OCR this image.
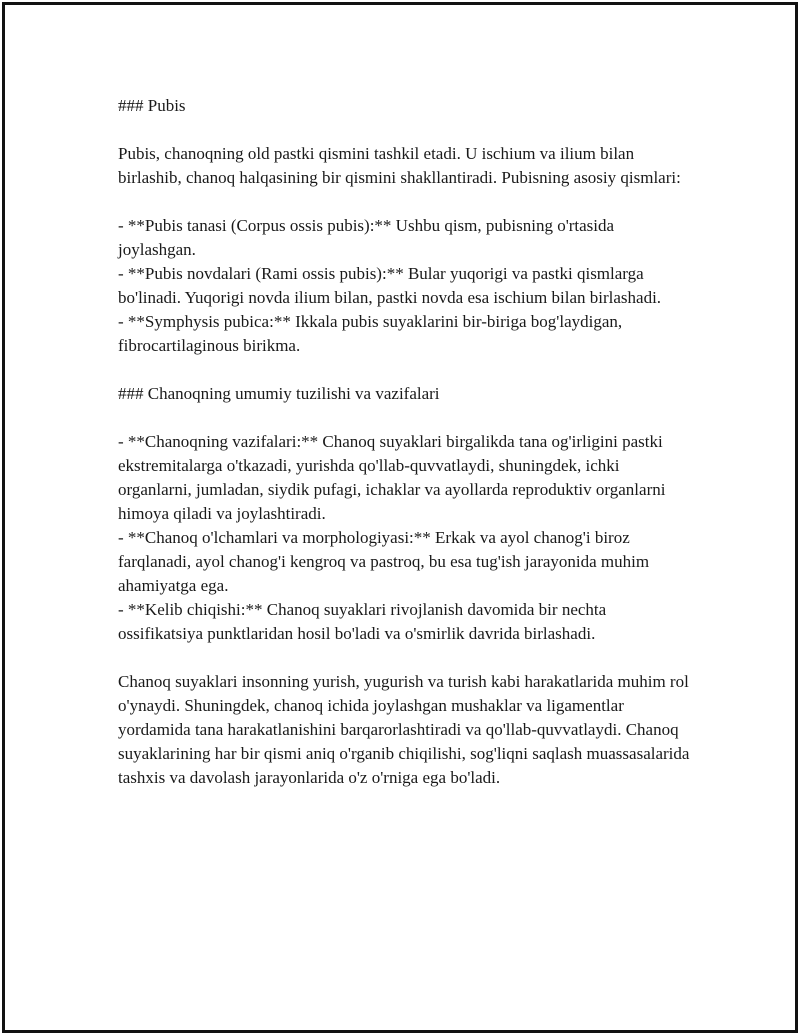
### Pubis

Pubis, chanoqning old pastki qismini tashkil etadi. U ischium va ilium bilan birlashib, chanoq halqasining bir qismini shakllantiradi. Pubisning asosiy qismlari:

- **Pubis tanasi (Corpus ossis pubis):** Ushbu qism, pubisning o'rtasida joylashgan.

- **Pubis novdalari (Rami ossis pubis):** Bular yuqorigi va pastki qismlarga bo'linadi. Yuqorigi novda ilium bilan, pastki novda esa ischium bilan birlashadi.

- **Symphysis pubica:** Ikkala pubis suyaklarini bir-biriga bog'laydigan, fibrocartilaginous birikma.

### Chanoqning umumiy tuzilishi va vazifalari

- **Chanoqning vazifalari:** Chanoq suyaklari birgalikda tana og'irligini pastki ekstremitalarga o'tkazadi, yurishda qo'llab-quvvatlaydi, shuningdek, ichki organlarni, jumladan, siydik pufagi, ichaklar va ayollarda reproduktiv organlarni himoya qiladi va joylashtiradi.

- **Chanoq o'lchamlari va morphologiyasi:** Erkak va ayol chanog'i biroz farqlanadi, ayol chanog'i kengroq va pastroq, bu esa tug'ish jarayonida muhim ahamiyatga ega.

- **Kelib chiqishi:** Chanoq suyaklari rivojlanish davomida bir nechta ossifikatsiya punktlaridan hosil bo'ladi va o'smirlik davrida birlashadi.

Chanoq suyaklari insonning yurish, yugurish va turish kabi harakatlarida muhim rol o'ynaydi. Shuningdek, chanoq ichida joylashgan mushaklar va ligamentlar yordamida tana harakatlanishini barqarorlashtiradi va qo'llab-quvvatlaydi. Chanoq suyaklarining har bir qismi aniq o'rganib chiqilishi, sog'liqni saqlash muassasalarida tashxis va davolash jarayonlarida o'z o'rniga ega bo'ladi.
